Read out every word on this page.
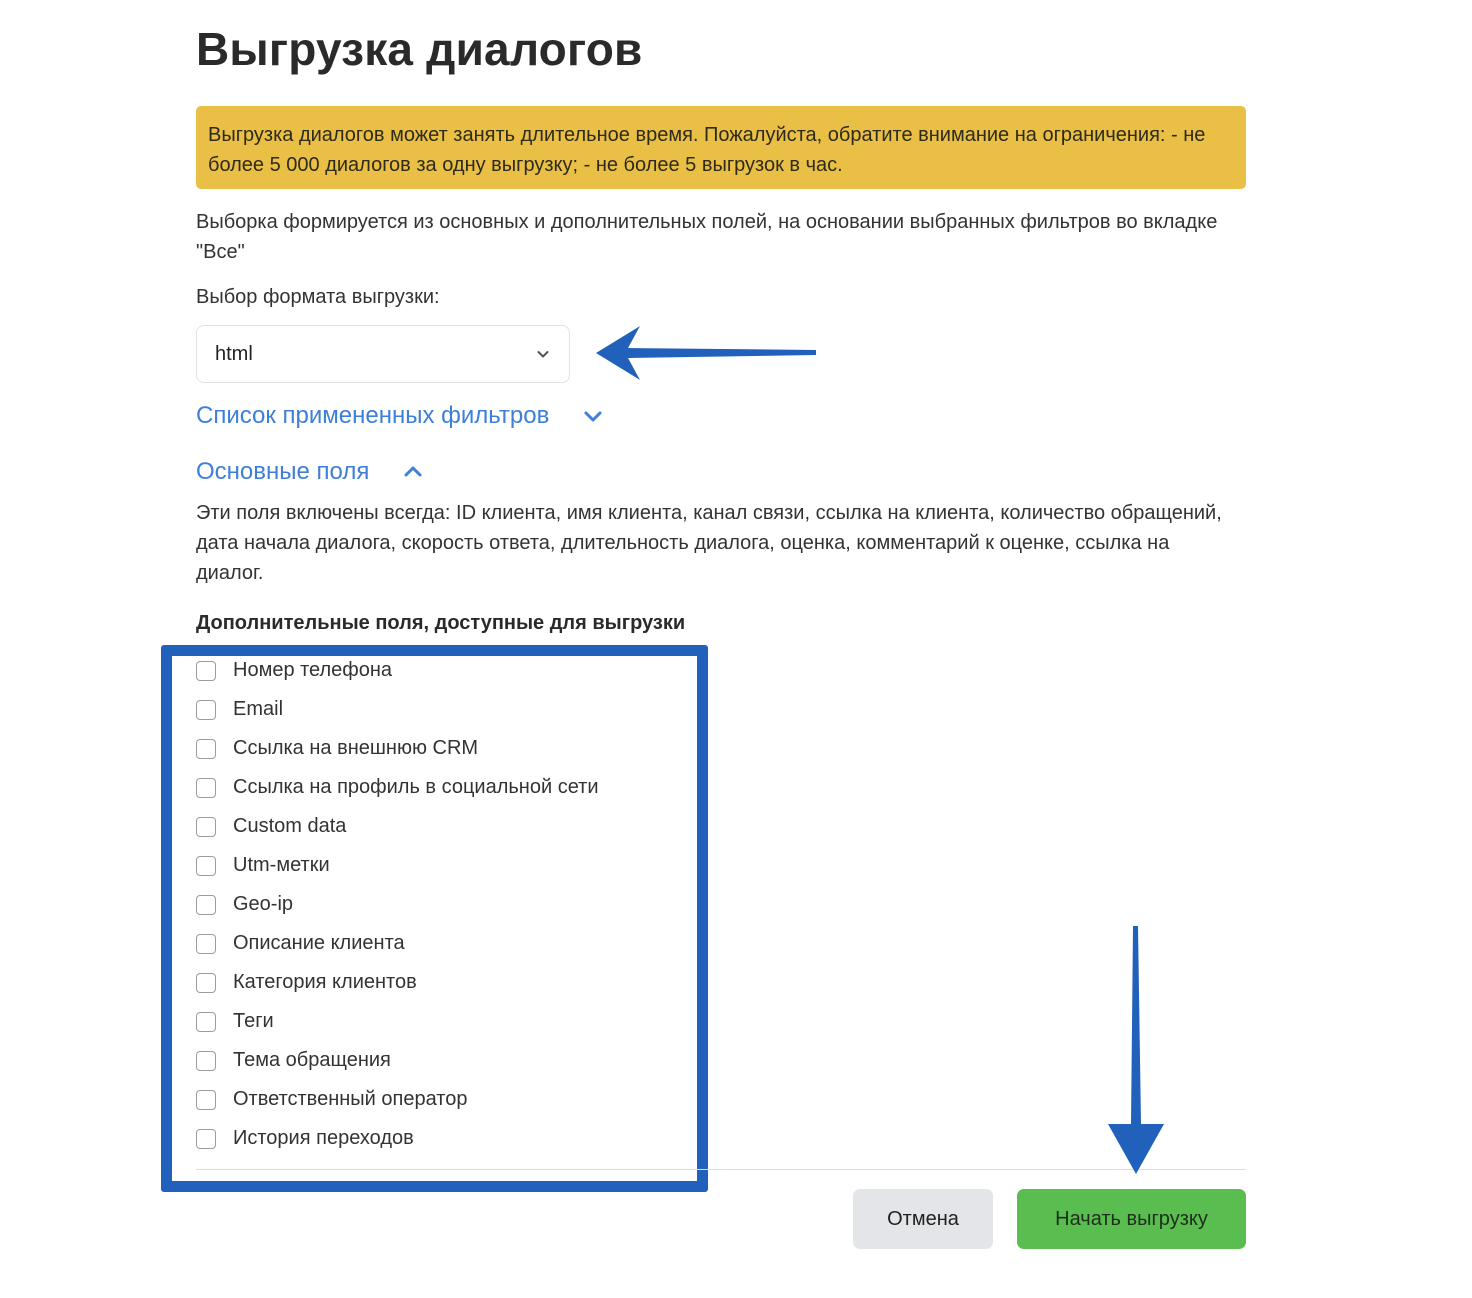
Выгрузка диалогов
Выгрузка диалогов может занять длительное время. Пожалуйста, обратите внимание на ограничения: - не более 5 000 диалогов за одну выгрузку; - не более 5 выгрузок в час.
Выборка формируется из основных и дополнительных полей, на основании выбранных фильтров во вкладке "Все"
Выбор формата выгрузки:
html
Список примененных фильтров
Основные поля
Эти поля включены всегда: ID клиента, имя клиента, канал связи, ссылка на клиента, количество обращений, дата начала диалога, скорость ответа, длительность диалога, оценка, комментарий к оценке, ссылка на диалог.
Дополнительные поля, доступные для выгрузки
Номер телефона
Email
Ссылка на внешнюю CRM
Ссылка на профиль в социальной сети
Custom data
Utm-метки
Geo-ip
Описание клиента
Категория клиентов
Теги
Тема обращения
Ответственный оператор
История переходов
Отмена	Начать выгрузку
